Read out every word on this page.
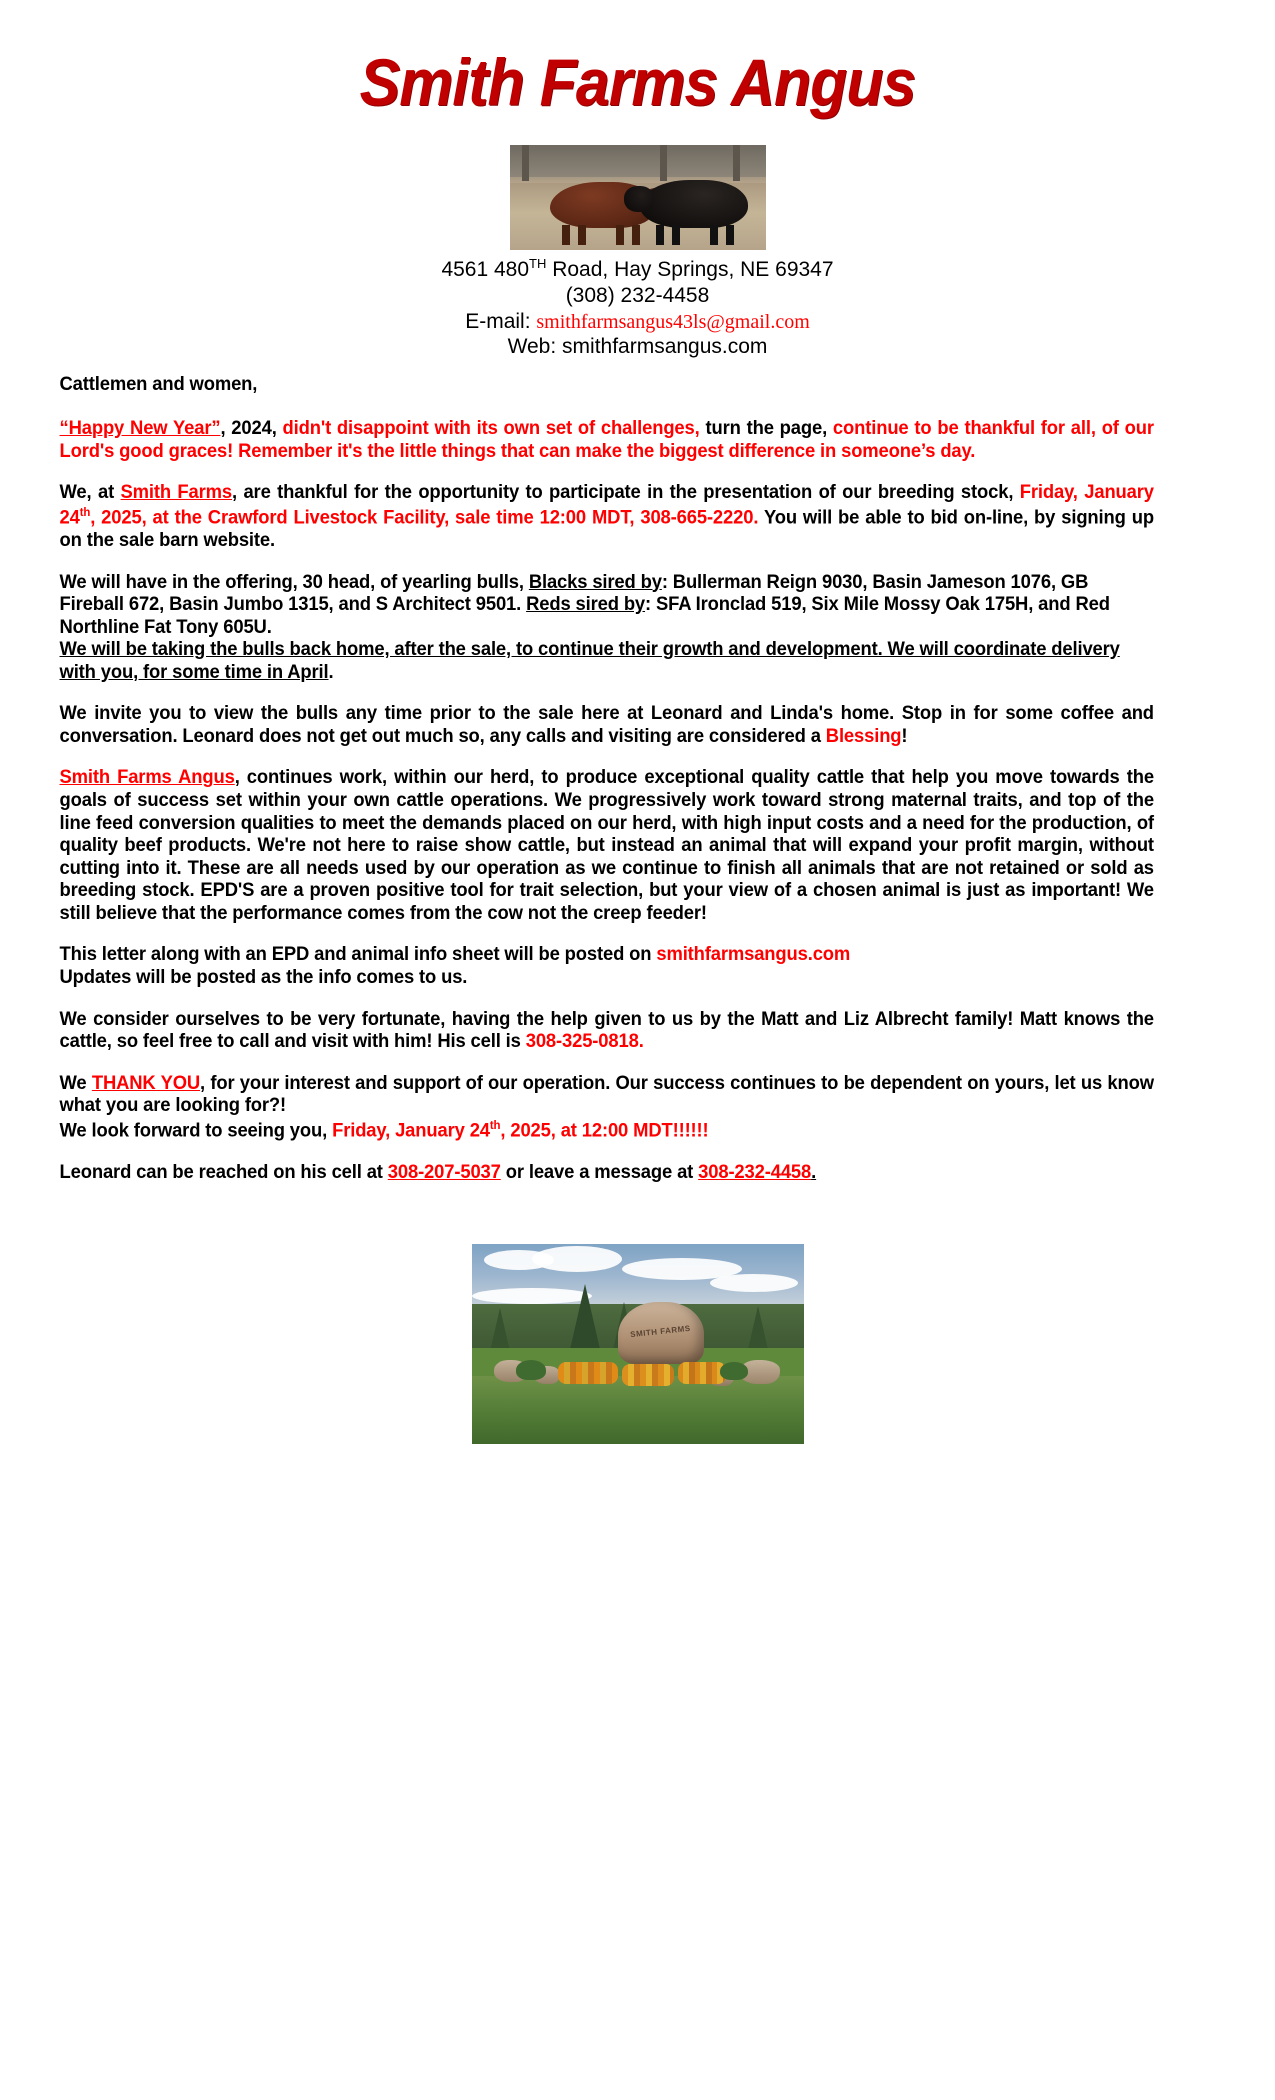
Smith Farms Angus
4561 480TH Road, Hay Springs, NE 69347
(308) 232-4458
E-mail: smithfarmsangus43ls@gmail.com
Web: smithfarmsangus.com

Cattlemen and women,

“Happy New Year”, 2024, didn't disappoint with its own set of challenges, turn the page, continue to be thankful for all, of our Lord's good graces! Remember it's the little things that can make the biggest difference in someone’s day.

We, at Smith Farms, are thankful for the opportunity to participate in the presentation of our breeding stock, Friday, January 24th, 2025, at the Crawford Livestock Facility, sale time 12:00 MDT, 308-665-2220. You will be able to bid on-line, by signing up on the sale barn website.

We will have in the offering, 30 head, of yearling bulls, Blacks sired by: Bullerman Reign 9030, Basin Jameson 1076, GB Fireball 672, Basin Jumbo 1315, and S Architect 9501. Reds sired by: SFA Ironclad 519, Six Mile Mossy Oak 175H, and Red Northline Fat Tony 605U.
We will be taking the bulls back home, after the sale, to continue their growth and development. We will coordinate delivery with you, for some time in April.

We invite you to view the bulls any time prior to the sale here at Leonard and Linda's home. Stop in for some coffee and conversation. Leonard does not get out much so, any calls and visiting are considered a Blessing!

Smith Farms Angus, continues work, within our herd, to produce exceptional quality cattle that help you move towards the goals of success set within your own cattle operations. We progressively work toward strong maternal traits, and top of the line feed conversion qualities to meet the demands placed on our herd, with high input costs and a need for the production, of quality beef products. We're not here to raise show cattle, but instead an animal that will expand your profit margin, without cutting into it. These are all needs used by our operation as we continue to finish all animals that are not retained or sold as breeding stock. EPD'S are a proven positive tool for trait selection, but your view of a chosen animal is just as important! We still believe that the performance comes from the cow not the creep feeder!

This letter along with an EPD and animal info sheet will be posted on smithfarmsangus.com
Updates will be posted as the info comes to us.

We consider ourselves to be very fortunate, having the help given to us by the Matt and Liz Albrecht family! Matt knows the cattle, so feel free to call and visit with him! His cell is 308-325-0818.

We THANK YOU, for your interest and support of our operation. Our success continues to be dependent on yours, let us know what you are looking for?!
We look forward to seeing you, Friday, January 24th, 2025, at 12:00 MDT!!!!!!

Leonard can be reached on his cell at 308-207-5037 or leave a message at 308-232-4458.

SMITH FARMS
